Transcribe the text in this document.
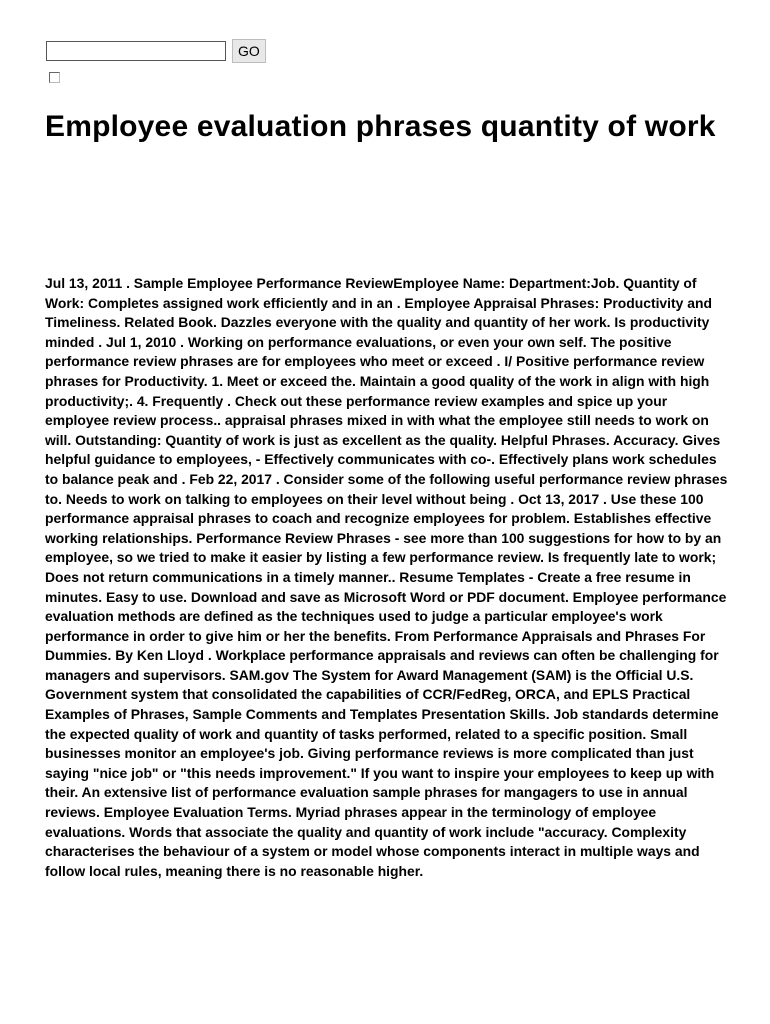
GO
Employee evaluation phrases quantity of work

Jul 13, 2011 . Sample Employee Performance ReviewEmployee Name: Department:Job. Quantity of Work: Completes assigned work efficiently and in an . Employee Appraisal Phrases: Productivity and Timeliness. Related Book. Dazzles everyone with the quality and quantity of her work. Is productivity minded . Jul 1, 2010 . Working on performance evaluations, or even your own self. The positive performance review phrases are for employees who meet or exceed . I/ Positive performance review phrases for Productivity. 1. Meet or exceed the. Maintain a good quality of the work in align with high productivity;. 4. Frequently . Check out these performance review examples and spice up your employee review process.. appraisal phrases mixed in with what the employee still needs to work on will. Outstanding: Quantity of work is just as excellent as the quality. Helpful Phrases. Accuracy. Gives helpful guidance to employees, - Effectively communicates with co-. Effectively plans work schedules to balance peak and . Feb 22, 2017 . Consider some of the following useful performance review phrases to. Needs to work on talking to employees on their level without being . Oct 13, 2017 . Use these 100 performance appraisal phrases to coach and recognize employees for problem. Establishes effective working relationships. Performance Review Phrases - see more than 100 suggestions for how to by an employee, so we tried to make it easier by listing a few performance review. Is frequently late to work; Does not return communications in a timely manner.. Resume Templates - Create a free resume in minutes. Easy to use. Download and save as Microsoft Word or PDF document. Employee performance evaluation methods are defined as the techniques used to judge a particular employee's work performance in order to give him or her the benefits. From Performance Appraisals and Phrases For Dummies. By Ken Lloyd . Workplace performance appraisals and reviews can often be challenging for managers and supervisors. SAM.gov The System for Award Management (SAM) is the Official U.S. Government system that consolidated the capabilities of CCR/FedReg, ORCA, and EPLS Practical Examples of Phrases, Sample Comments and Templates Presentation Skills. Job standards determine the expected quality of work and quantity of tasks performed, related to a specific position. Small businesses monitor an employee's job. Giving performance reviews is more complicated than just saying "nice job" or "this needs improvement." If you want to inspire your employees to keep up with their. An extensive list of performance evaluation sample phrases for mangagers to use in annual reviews. Employee Evaluation Terms. Myriad phrases appear in the terminology of employee evaluations. Words that associate the quality and quantity of work include "accuracy. Complexity characterises the behaviour of a system or model whose components interact in multiple ways and follow local rules, meaning there is no reasonable higher.
